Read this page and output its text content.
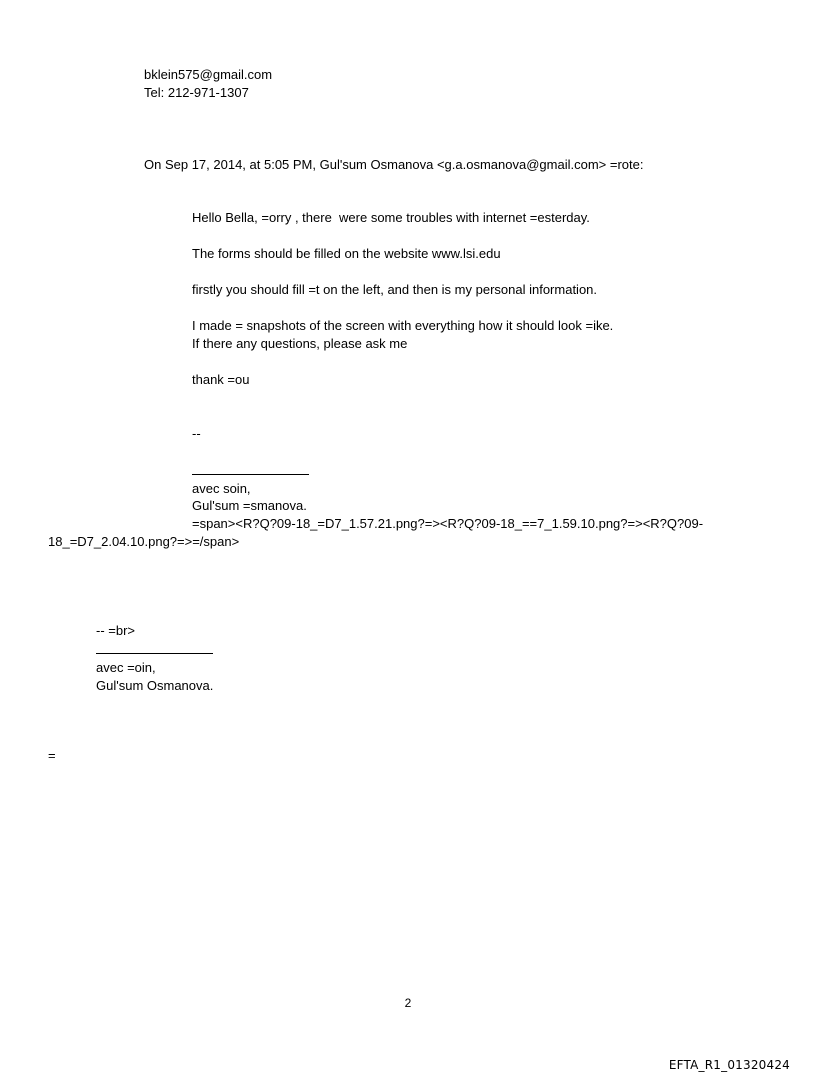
bklein575@gmail.com

Tel: 212-971-1307

On Sep 17, 2014, at 5:05 PM, Gul'sum Osmanova <g.a.osmanova@gmail.com> =rote:

Hello Bella, =orry , there  were some troubles with internet =esterday.

The forms should be filled on the website www.lsi.edu

firstly you should fill =t on the left, and then is my personal information.

I made = snapshots of the screen with everything how it should look =ike.

If there any questions, please ask me

thank =ou

--

avec soin,

Gul'sum =smanova.

=span><R?Q?09-18_=D7_1.57.21.png?=><R?Q?09-18_==7_1.59.10.png?=><R?Q?09-

18_=D7_2.04.10.png?=>=/span>

-- =br>

avec =oin,

Gul'sum Osmanova.

=

2
EFTA_R1_01320424
